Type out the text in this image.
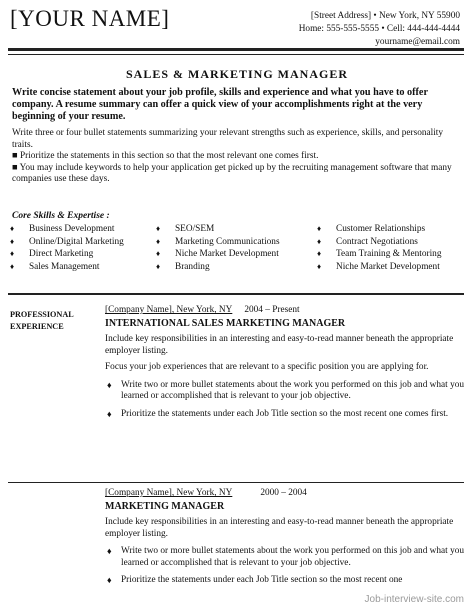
[YOUR NAME]	[Street Address] • New York, NY 55900
Home: 555-555-5555 • Cell: 444-444-4444
yourname@email.com
SALES & MARKETING MANAGER
Write concise statement about your job profile, skills and experience and what you have to offer company. A resume summary can offer a quick view of your accomplishments right at the very beginning of your resume.

Write three or four bullet statements summarizing your relevant strengths such as experience, skills, and personality traits.

■ Prioritize the statements in this section so that the most relevant one comes first.

■ You may include keywords to help your application get picked up by the recruiting management software that many companies use these days.

Core Skills & Expertise :
♦ Business Development
♦ Online/Digital Marketing
♦ Direct Marketing
♦ Sales Management
♦ SEO/SEM
♦ Marketing Communications
♦ Niche Market Development
♦ Branding
♦ Customer Relationships
♦ Contract Negotiations
♦ Team Training & Mentoring
♦ Niche Market Development
PROFESSIONAL
EXPERIENCE
[Company Name], New York, NY 2004 – Present
INTERNATIONAL SALES MARKETING MANAGER

Include key responsibilities in an interesting and easy-to-read manner beneath the appropriate employer listing.

Focus your job experiences that are relevant to a specific position you are applying for.

♦ Write two or more bullet statements about the work you performed on this job and what you learned or accomplished that is relevant to your job objective.
♦ Prioritize the statements under each Job Title section so the most recent one comes first.
[Company Name], New York, NY	2000 – 2004
MARKETING MANAGER

Include key responsibilities in an interesting and easy-to-read manner beneath the appropriate employer listing.

♦ Write two or more bullet statements about the work you performed on this job and what you learned or accomplished that is relevant to your job objective.
♦ Prioritize the statements under each Job Title section so the most recent one
Job-interview-site.com
